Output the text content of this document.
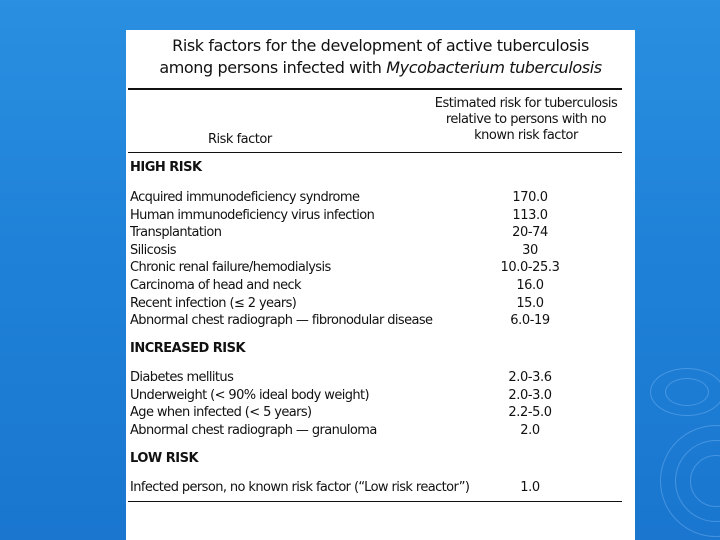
Risk factors for the development of active tuberculosis
among persons infected with Mycobacterium tuberculosis
Risk factor
Estimated risk for tuberculosis
relative to persons with no
known risk factor
HIGH RISK
Acquired immunodeficiency syndrome	170.0
Human immunodeficiency virus infection	113.0
Transplantation	20-74
Silicosis	30
Chronic renal failure/hemodialysis	10.0-25.3
Carcinoma of head and neck	16.0
Recent infection (≤ 2 years)	15.0
Abnormal chest radiograph — fibronodular disease	6.0-19
INCREASED RISK
Diabetes mellitus	2.0-3.6
Underweight (< 90% ideal body weight)	2.0-3.0
Age when infected (< 5 years)	2.2-5.0
Abnormal chest radiograph — granuloma	2.0
LOW RISK
Infected person, no known risk factor (“Low risk reactor”)	1.0
